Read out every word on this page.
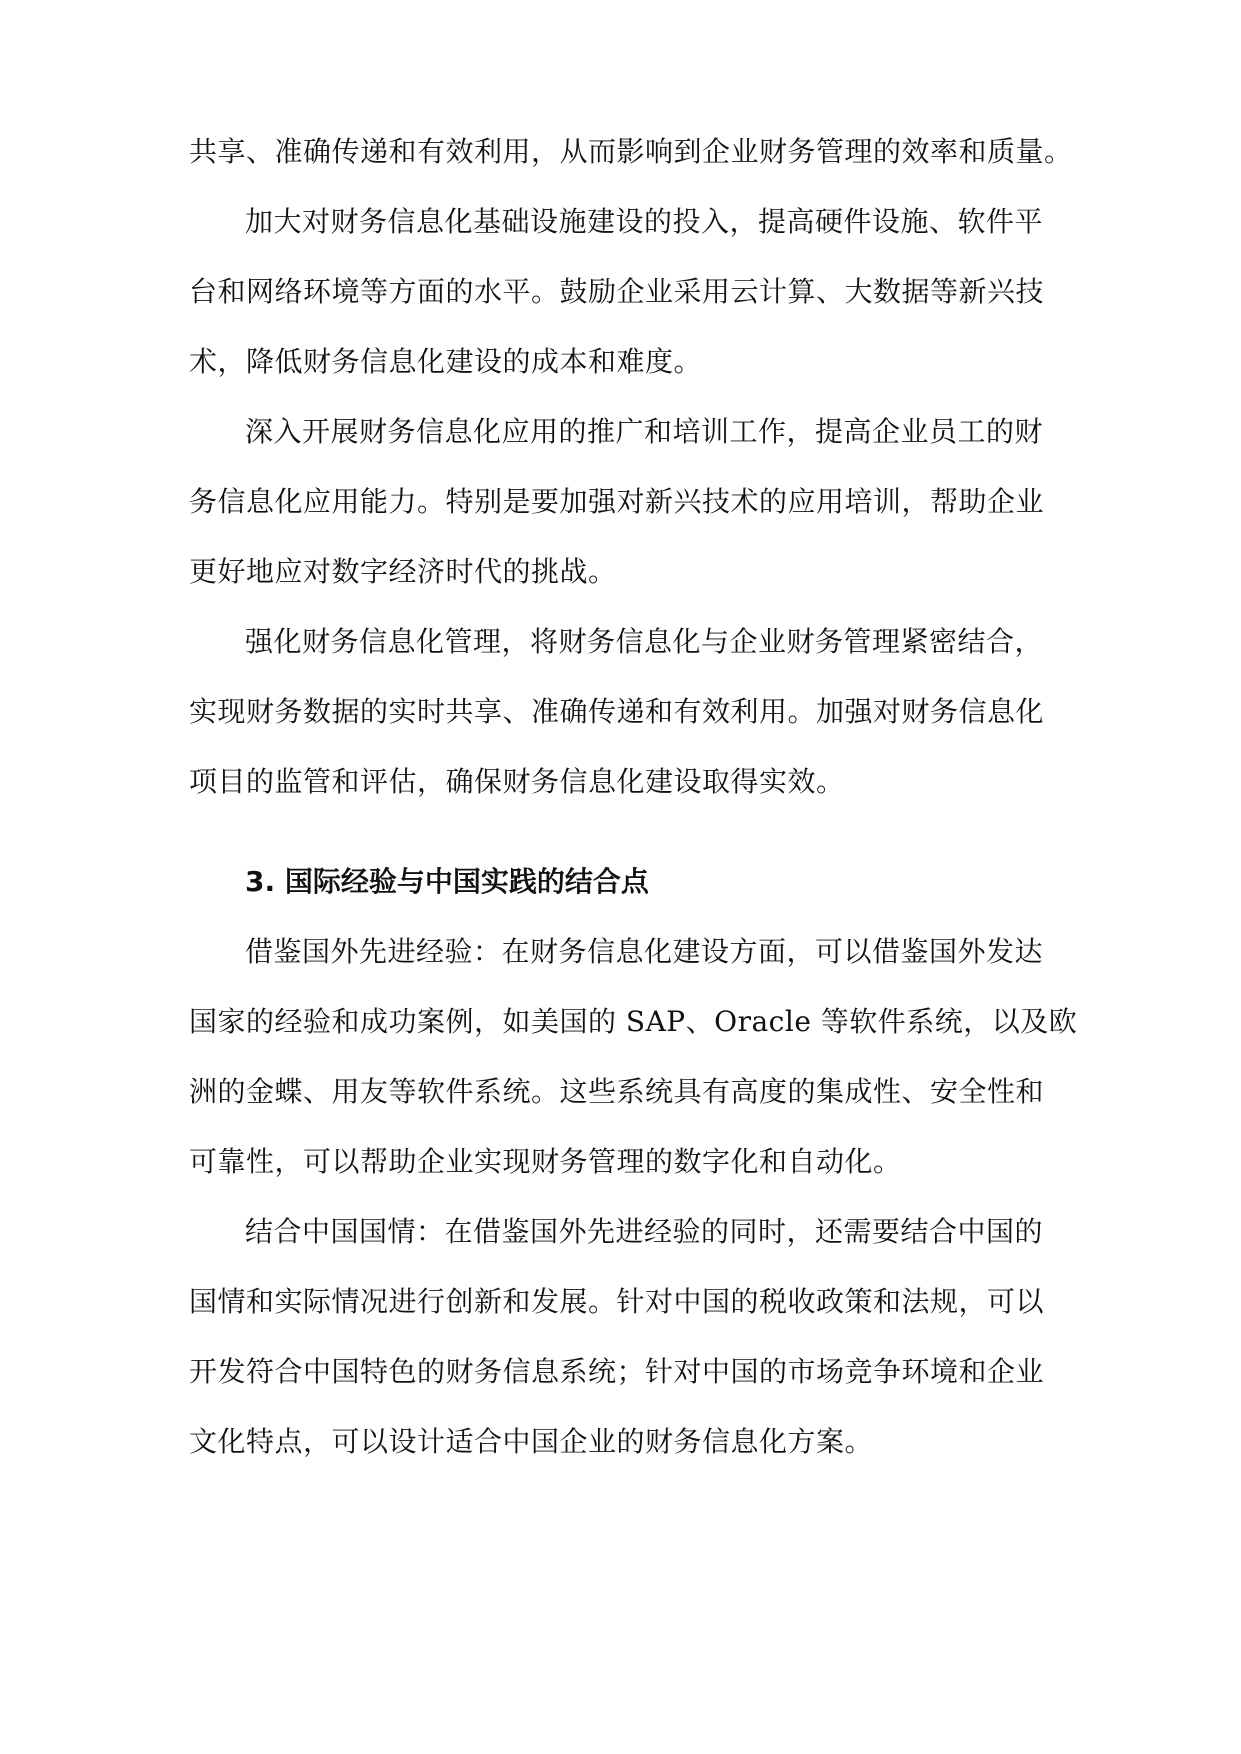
共享、准确传递和有效利用，从而影响到企业财务管理的效率和质量。
加大对财务信息化基础设施建设的投入，提高硬件设施、软件平
台和网络环境等方面的水平。鼓励企业采用云计算、大数据等新兴技
术，降低财务信息化建设的成本和难度。
深入开展财务信息化应用的推广和培训工作，提高企业员工的财
务信息化应用能力。特别是要加强对新兴技术的应用培训，帮助企业
更好地应对数字经济时代的挑战。
强化财务信息化管理，将财务信息化与企业财务管理紧密结合，
实现财务数据的实时共享、准确传递和有效利用。加强对财务信息化
项目的监管和评估，确保财务信息化建设取得实效。
3. 国际经验与中国实践的结合点
借鉴国外先进经验：在财务信息化建设方面，可以借鉴国外发达
国家的经验和成功案例，如美国的 SAP、Oracle 等软件系统，以及欧
洲的金蝶、用友等软件系统。这些系统具有高度的集成性、安全性和
可靠性，可以帮助企业实现财务管理的数字化和自动化。
结合中国国情：在借鉴国外先进经验的同时，还需要结合中国的
国情和实际情况进行创新和发展。针对中国的税收政策和法规，可以
开发符合中国特色的财务信息系统；针对中国的市场竞争环境和企业
文化特点，可以设计适合中国企业的财务信息化方案。
